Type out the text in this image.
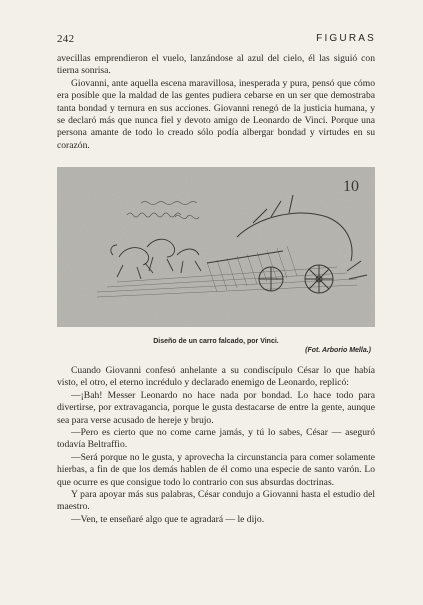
242	FIGURAS

avecillas emprendieron el vuelo, lanzándose al azul del cielo, él las siguió con tierna sonrisa.

Giovanni, ante aquella escena maravillosa, inesperada y pura, pensó que cómo era posible que la maldad de las gentes pudiera cebarse en un ser que demostraba tanta bondad y ternura en sus acciones. Giovanni renegó de la justicia humana, y se declaró más que nunca fiel y devoto amigo de Leonardo de Vinci. Porque una persona amante de todo lo creado sólo podía albergar bondad y virtudes en su corazón.

10
Diseño de un carro falcado, por Vinci.
(Fot. Arborio Mella.)

Cuando Giovanni confesó anhelante a su condiscípulo César lo que había visto, el otro, el eterno incrédulo y declarado enemigo de Leonardo, replicó:

—¡Bah! Messer Leonardo no hace nada por bondad. Lo hace todo para divertirse, por extravagancia, porque le gusta destacarse de entre la gente, aunque sea para verse acusado de hereje y brujo.

—Pero es cierto que no come carne jamás, y tú lo sabes, César — aseguró todavía Beltraffio.

—Será porque no le gusta, y aprovecha la circunstancia para comer solamente hierbas, a fin de que los demás hablen de él como una especie de santo varón. Lo que ocurre es que consigue todo lo contrario con sus absurdas doctrinas.

Y para apoyar más sus palabras, César condujo a Giovanni hasta el estudio del maestro.

—Ven, te enseñaré algo que te agradará — le dijo.
